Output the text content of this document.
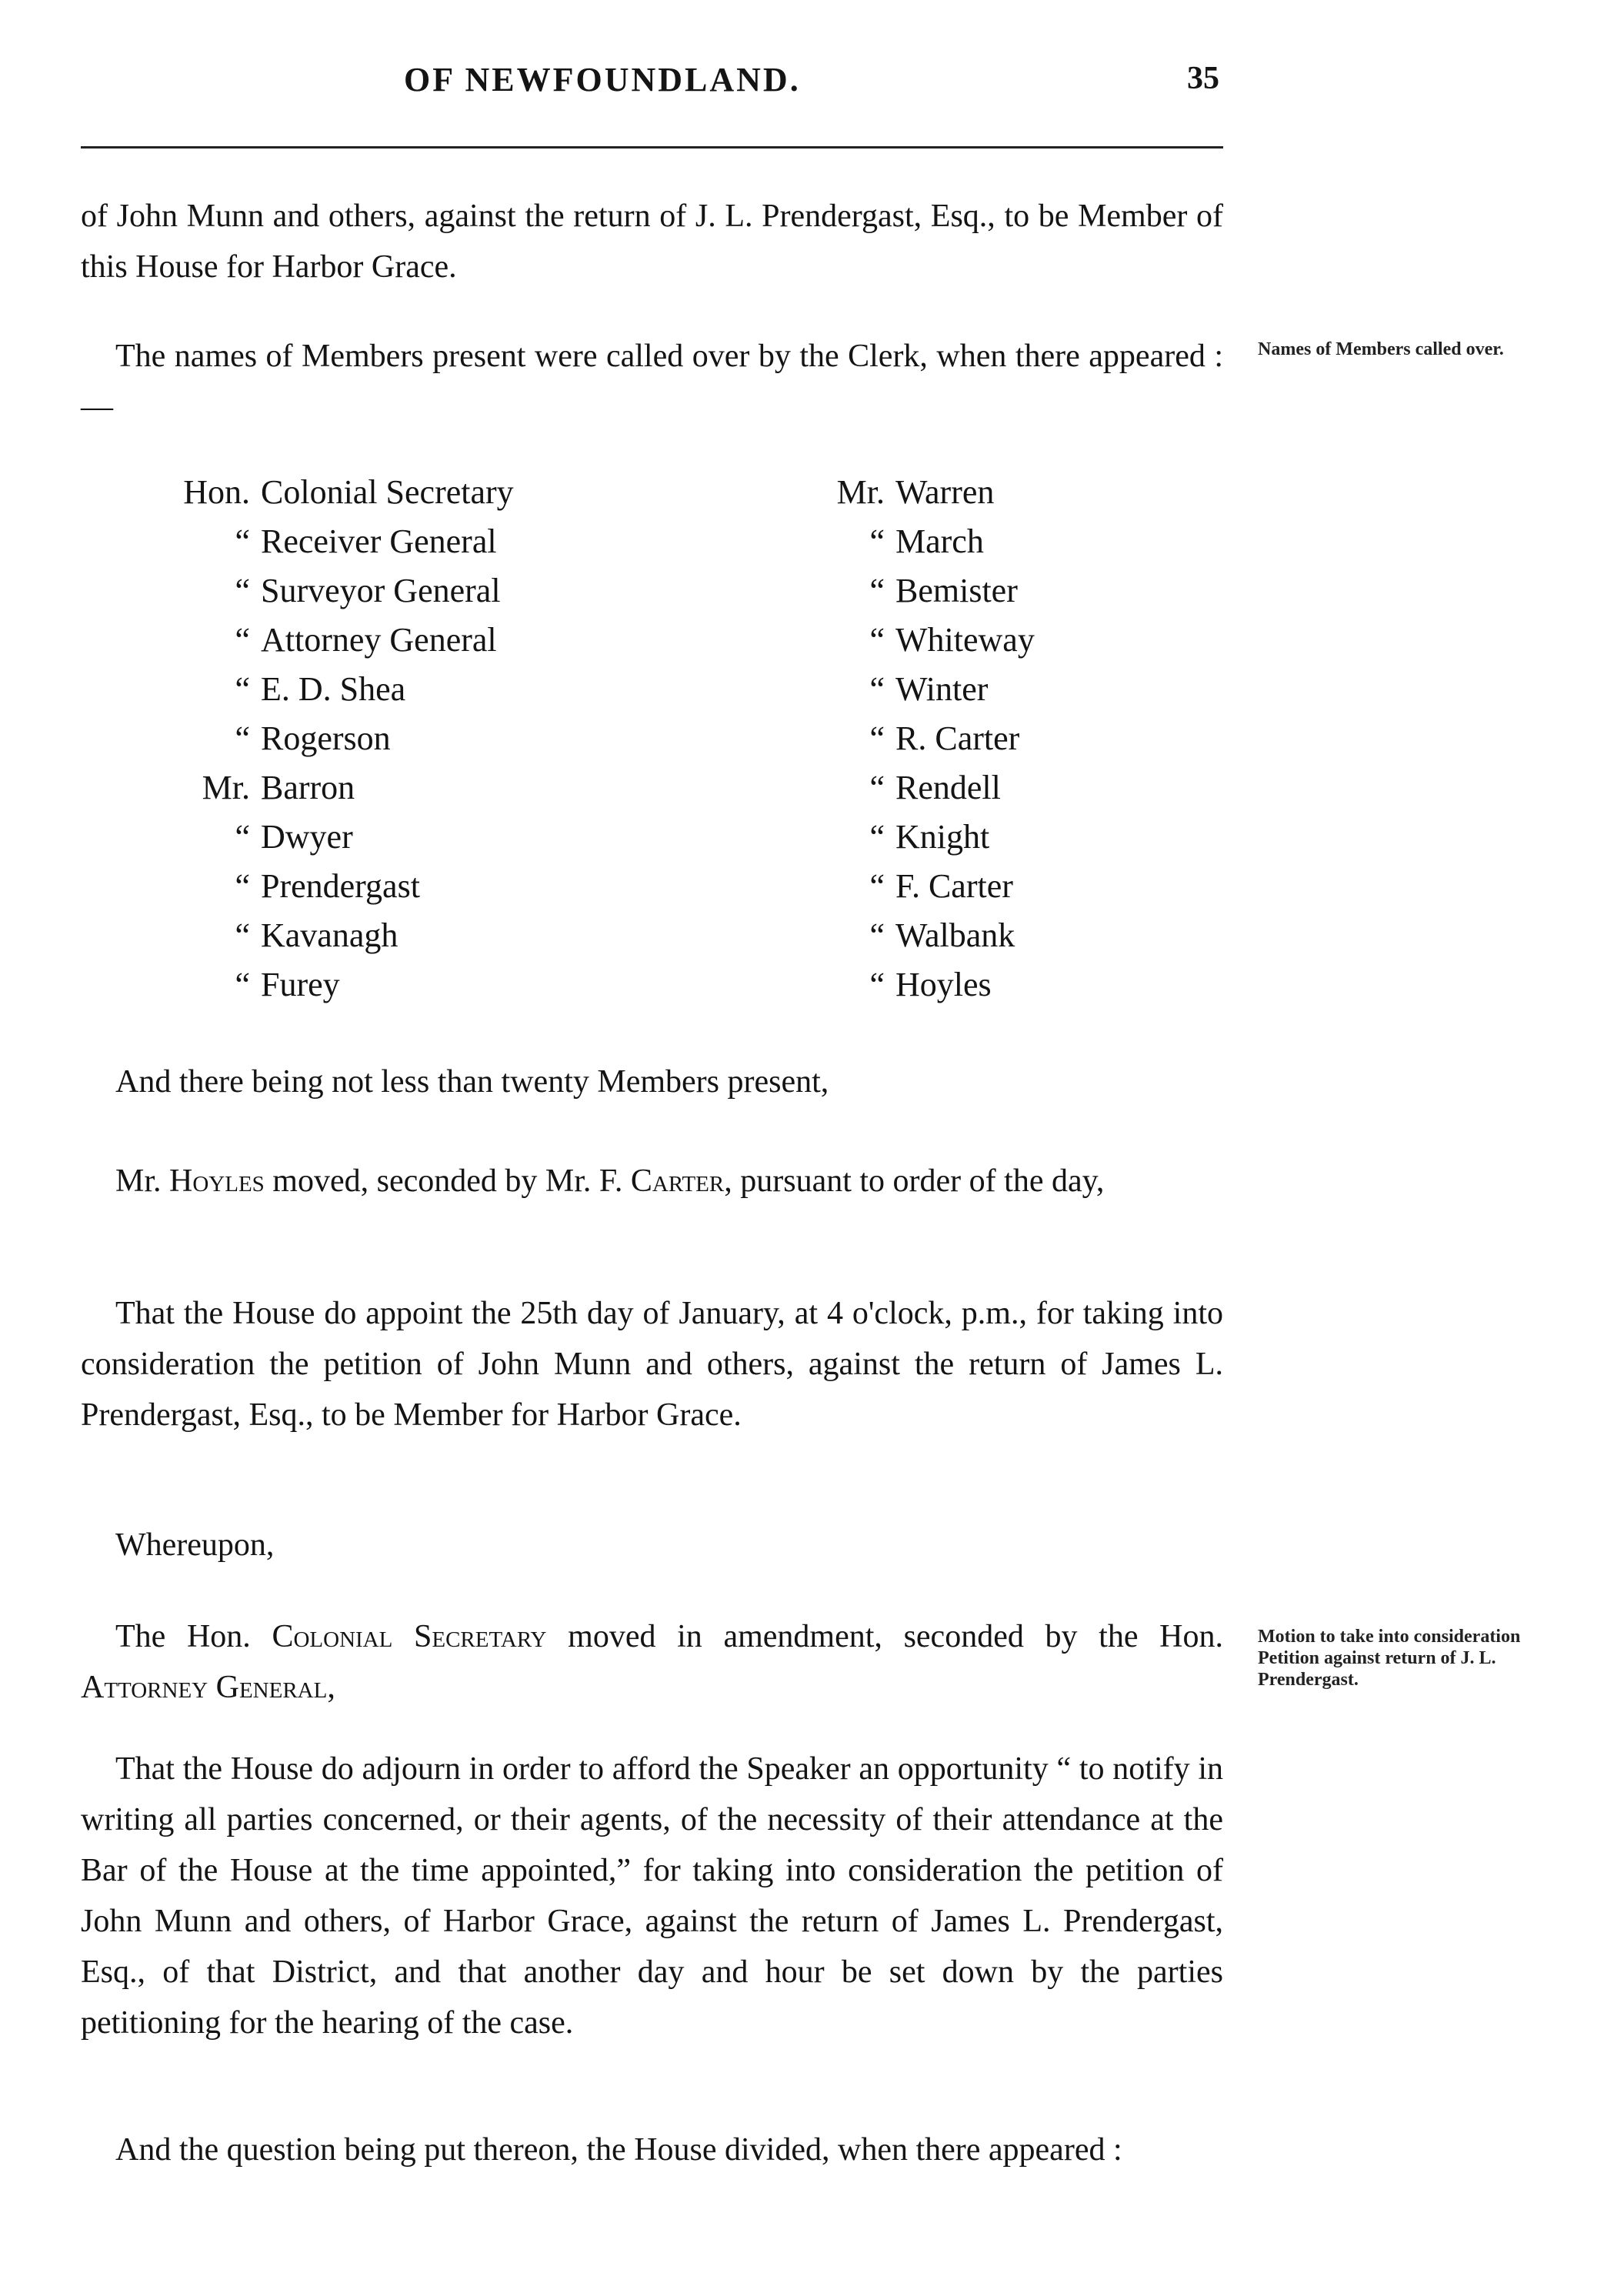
OF NEWFOUNDLAND.	35
of John Munn and others, against the return of J. L. Prendergast, Esq., to be Member of this House for Harbor Grace.
The names of Members present were called over by the Clerk, when there appeared :—
Names of Members called over.
Hon. Colonial Secretary
“ Receiver General
“ Surveyor General
“ Attorney General
“ E. D. Shea
“ Rogerson
Mr. Barron
“ Dwyer
“ Prendergast
“ Kavanagh
“ Furey
Mr. Warren
“ March
“ Bemister
“ Whiteway
“ Winter
“ R. Carter
“ Rendell
“ Knight
“ F. Carter
“ Walbank
“ Hoyles
And there being not less than twenty Members present,
Mr. Hoyles moved, seconded by Mr. F. Carter, pursuant to order of the day,
That the House do appoint the 25th day of January, at 4 o'clock, p.m., for taking into consideration the petition of John Munn and others, against the return of James L. Prendergast, Esq., to be Member for Harbor Grace.
Whereupon,
The Hon. Colonial Secretary moved in amendment, seconded by the Hon. Attorney General,
Motion to take into consideration Petition against return of J. L. Prendergast.
That the House do adjourn in order to afford the Speaker an opportunity “ to notify in writing all parties concerned, or their agents, of the necessity of their attendance at the Bar of the House at the time appointed,” for taking into consideration the petition of John Munn and others, of Harbor Grace, against the return of James L. Prendergast, Esq., of that District, and that another day and hour be set down by the parties petitioning for the hearing of the case.
And the question being put thereon, the House divided, when there appeared :
